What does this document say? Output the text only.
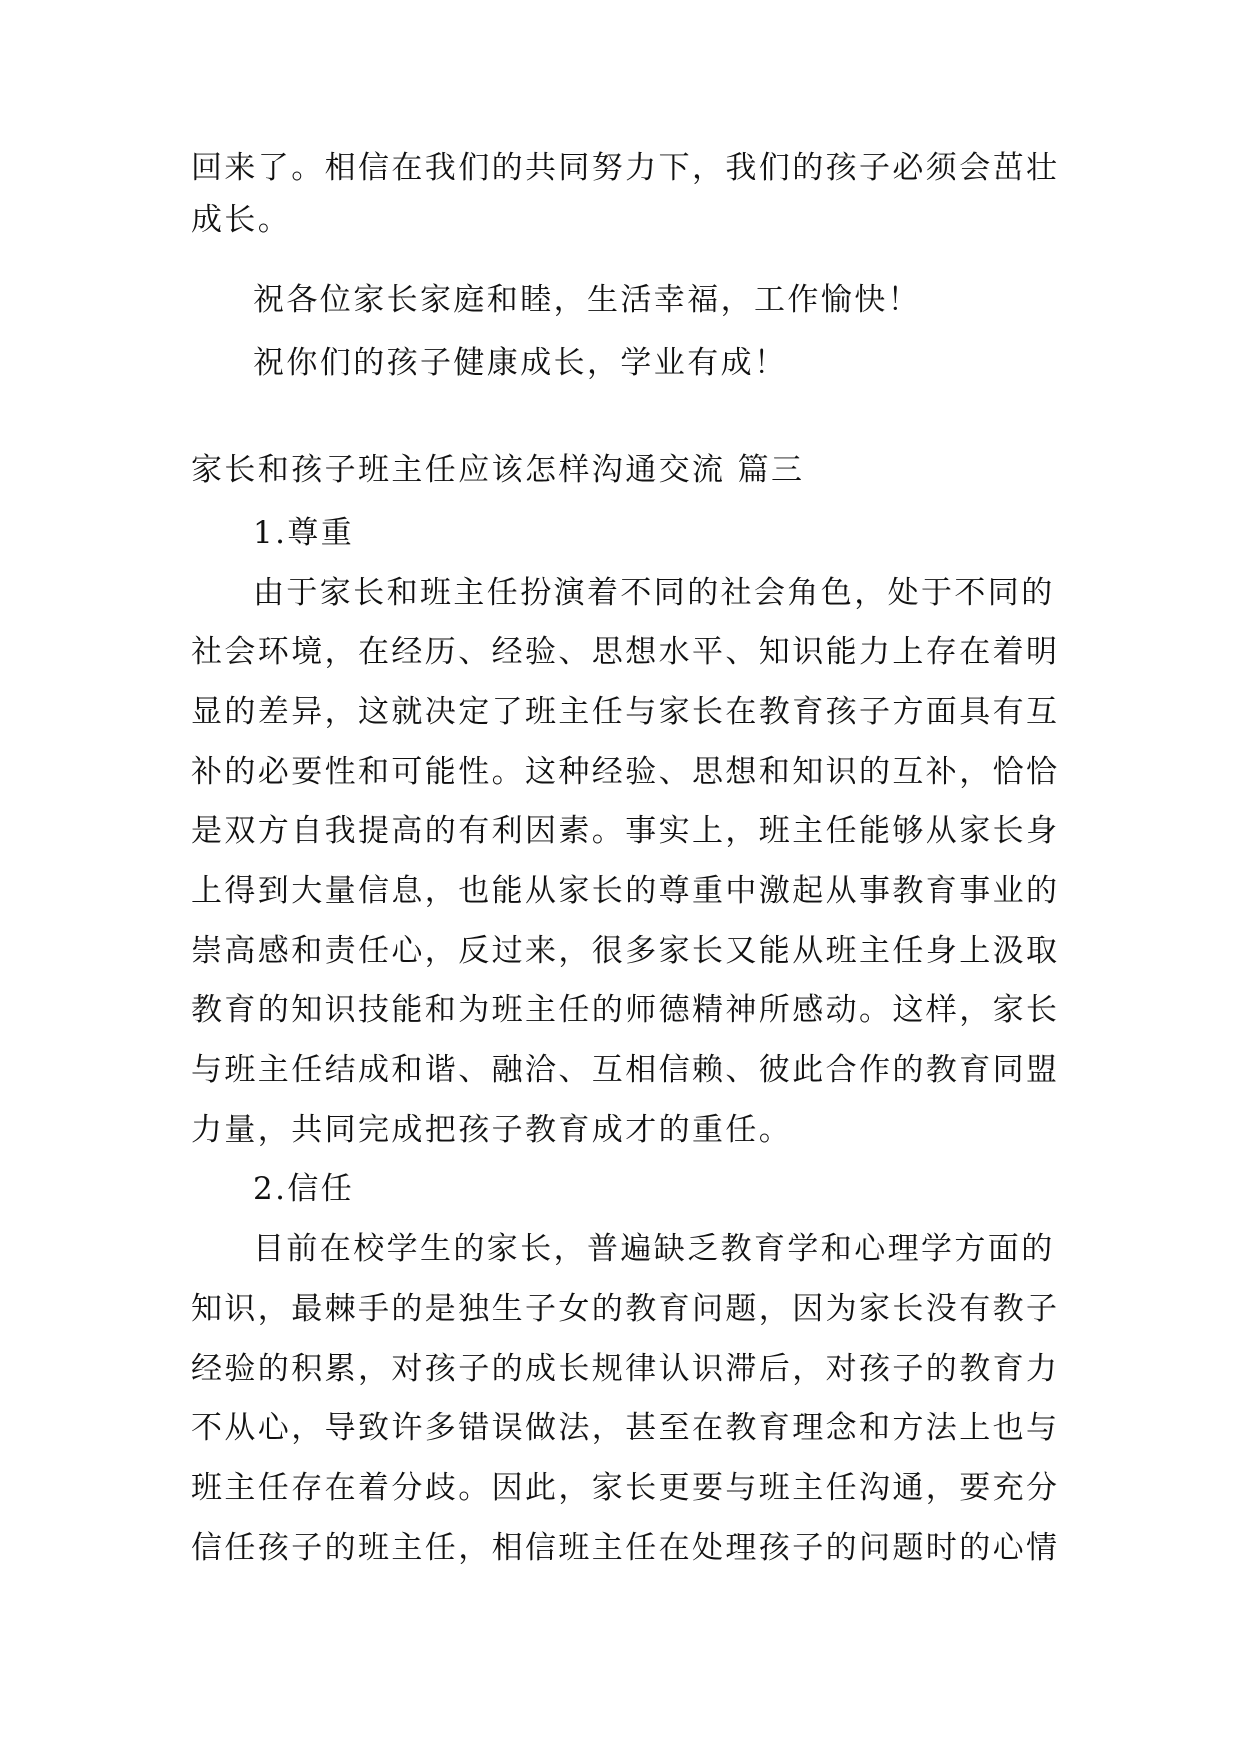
回来了。相信在我们的共同努力下，我们的孩子必须会茁壮
成长。
祝各位家长家庭和睦，生活幸福，工作愉快！
祝你们的孩子健康成长，学业有成！
家长和孩子班主任应该怎样沟通交流 篇三
1.尊重
由于家长和班主任扮演着不同的社会角色，处于不同的
社会环境，在经历、经验、思想水平、知识能力上存在着明
显的差异，这就决定了班主任与家长在教育孩子方面具有互
补的必要性和可能性。这种经验、思想和知识的互补，恰恰
是双方自我提高的有利因素。事实上，班主任能够从家长身
上得到大量信息，也能从家长的尊重中激起从事教育事业的
崇高感和责任心，反过来，很多家长又能从班主任身上汲取
教育的知识技能和为班主任的师德精神所感动。这样，家长
与班主任结成和谐、融洽、互相信赖、彼此合作的教育同盟
力量，共同完成把孩子教育成才的重任。
2.信任
目前在校学生的家长，普遍缺乏教育学和心理学方面的
知识，最棘手的是独生子女的教育问题，因为家长没有教子
经验的积累，对孩子的成长规律认识滞后，对孩子的教育力
不从心，导致许多错误做法，甚至在教育理念和方法上也与
班主任存在着分歧。因此，家长更要与班主任沟通，要充分
信任孩子的班主任，相信班主任在处理孩子的问题时的心情
